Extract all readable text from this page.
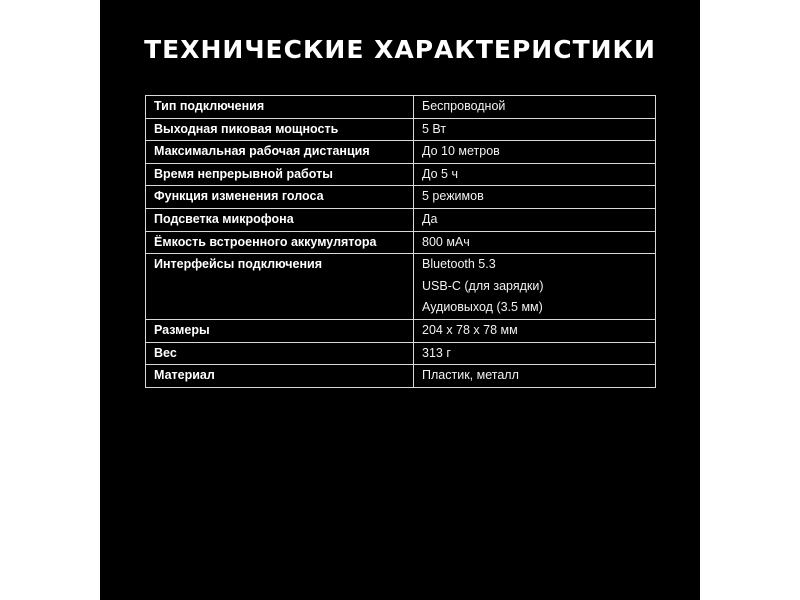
ТЕХНИЧЕСКИЕ ХАРАКТЕРИСТИКИ
Тип подключения	Беспроводной

Выходная пиковая мощность	5 Вт

Максимальная рабочая дистанция	До 10 метров

Время непрерывной работы	До 5 ч

Функция изменения голоса	5 режимов

Подсветка микрофона	Да

Ёмкость встроенного аккумулятора	800 мАч

Интерфейсы подключения	Bluetooth 5.3
USB-C (для зарядки)
Аудиовыход (3.5 мм)

Размеры	204 х 78 х 78 мм

Вес	313 г

Материал	Пластик, металл
